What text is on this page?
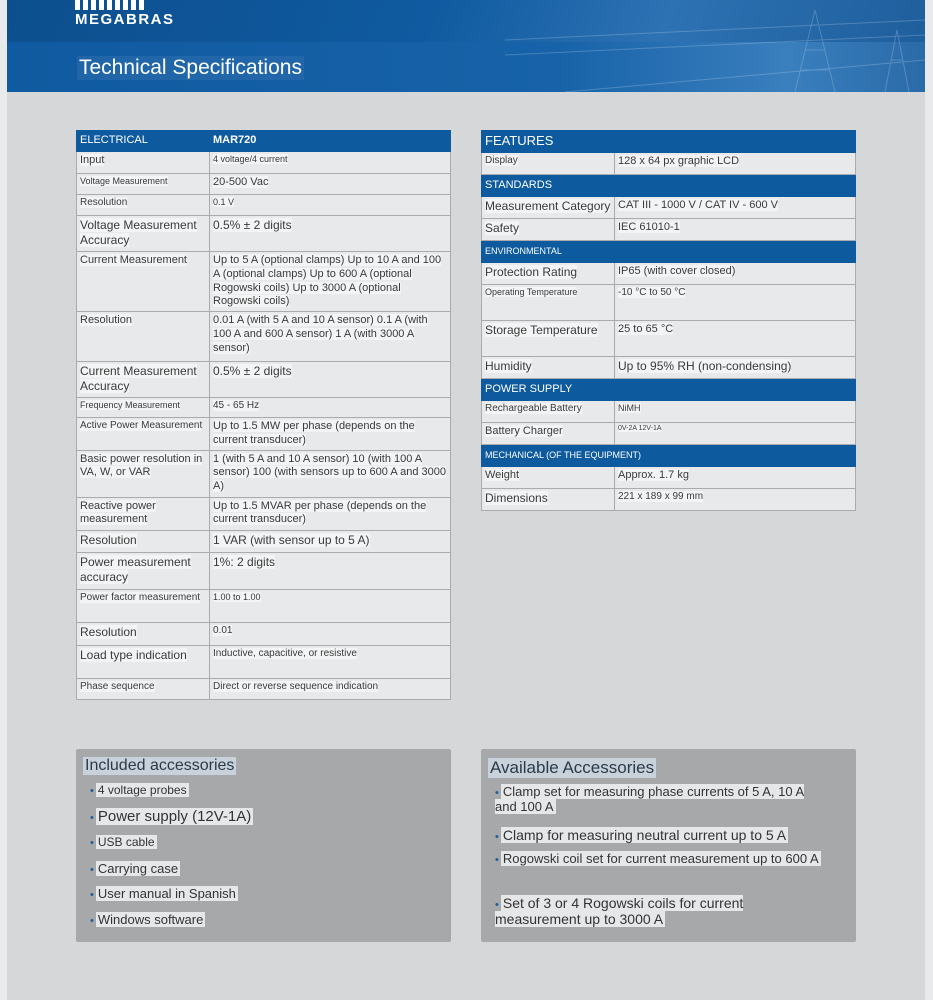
MEGABRAS
Technical Specifications
ELECTRICAL	MAR720
Input	4 voltage/4 current
Voltage Measurement	20-500 Vac
Resolution	0.1 V
Voltage Measurement Accuracy	0.5% ± 2 digits
Current Measurement	Up to 5 A (optional clamps) Up to 10 A and 100 A (optional clamps) Up to 600 A (optional Rogowski coils) Up to 3000 A (optional Rogowski coils)
Resolution	0.01 A (with 5 A and 10 A sensor) 0.1 A (with 100 A and 600 A sensor) 1 A (with 3000 A sensor)
Current Measurement Accuracy	0.5% ± 2 digits
Frequency Measurement	45 - 65 Hz
Active Power Measurement	Up to 1.5 MW per phase (depends on the current transducer)
Basic power resolution in VA, W, or VAR	1 (with 5 A and 10 A sensor) 10 (with 100 A sensor) 100 (with sensors up to 600 A and 3000 A)
Reactive power measurement	Up to 1.5 MVAR per phase (depends on the current transducer)
Resolution	1 VAR (with sensor up to 5 A)
Power measurement accuracy	1%: 2 digits
Power factor measurement	1.00 to 1.00
Resolution	0.01
Load type indication	Inductive, capacitive, or resistive
Phase sequence	Direct or reverse sequence indication
FEATURES	
Display	128 x 64 px graphic LCD
STANDARDS	
Measurement Category	CAT III - 1000 V / CAT IV - 600 V
Safety	IEC 61010-1
ENVIRONMENTAL	
Protection Rating	IP65 (with cover closed)
Operating Temperature	-10 °C to 50 °C
Storage Temperature	25 to 65 °C
Humidity	Up to 95% RH (non-condensing)
POWER SUPPLY	
Rechargeable Battery	NiMH
Battery Charger	0V-2A 12V-1A
MECHANICAL (OF THE EQUIPMENT)	
Weight	Approx. 1.7 kg
Dimensions	221 x 189 x 99 mm
Included accessories
• 4 voltage probes
• Power supply (12V-1A)
• USB cable
• Carrying case
• User manual in Spanish
• Windows software
Available Accessories
• Clamp set for measuring phase currents of 5 A, 10 A and 100 A
• Clamp for measuring neutral current up to 5 A
• Rogowski coil set for current measurement up to 600 A
• Set of 3 or 4 Rogowski coils for current measurement up to 3000 A
